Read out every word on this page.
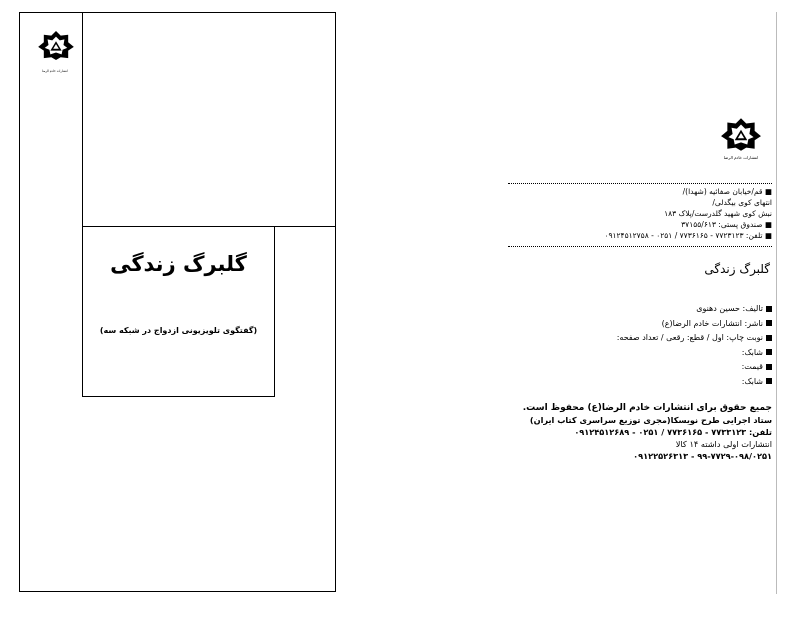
گلبرگ زندگی
(گفتگوی تلویزیونی ازدواج در شبکه سه)
انتشارات خادم الرضا
انتشارات خادم الرضا
■ قم/خیابان صفائیه (شهدا)/
انتهای کوی بیگدلی/
نبش کوی شهید گلدرست/پلاک ۱۸۳
■ صندوق پستی: ۳۷۱۵۵/۶۱۳
■ تلفن: ۷۷۲۳۱۲۳ - ۷۷۳۶۱۶۵ / ۰۲۵۱ - ۰۹۱۲۴۵۱۲۷۵۸
گلبرگ زندگی
تالیف: حسین دهنوی
ناشر: انتشارات خادم الرضا(ع)
نوبت چاپ: اول / قطع: رقعی / تعداد صفحه:
شابک:
قیمت:
شابک:
جمیع حقوق برای انتشارات خادم الرضا(ع) محفوظ است.
ستاد اجرایی طرح نویسکا(مجری توزیع سراسری کتاب ایران)
تلفن: ۷۷۳۳۱۲۳ - ۷۷۳۶۱۶۵ / ۰۲۵۱ - ۰۹۱۲۴۵۱۲۶۸۹
انتشارات اولی داشته ۱۴ کالا
۹۹-۷۷۲۹-۰۹۸/۰۲۵۱ - ۰۹۱۲۲۵۲۶۳۱۳
